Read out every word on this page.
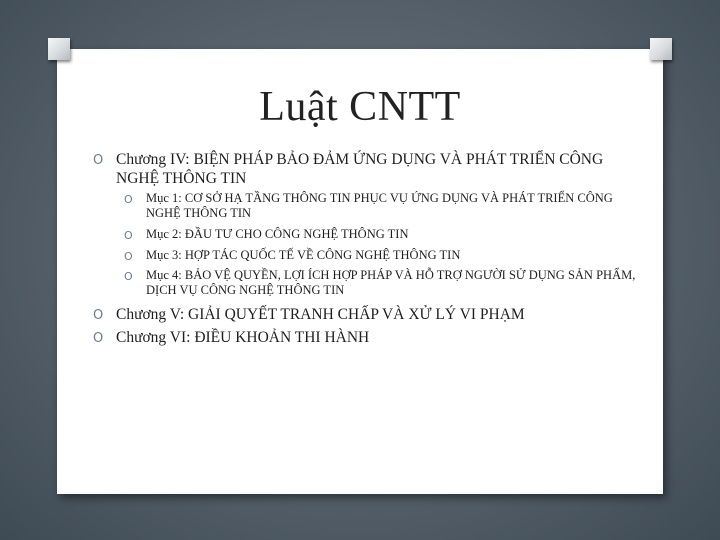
Luật CNTT
O Chương IV: BIỆN PHÁP BẢO ĐẢM ỨNG DỤNG VÀ PHÁT TRIỂN CÔNG NGHỆ THÔNG TIN
O Mục 1: CƠ SỞ HẠ TẦNG THÔNG TIN PHỤC VỤ ỨNG DỤNG VÀ PHÁT TRIỂN CÔNG NGHỆ THÔNG TIN
O Mục 2: ĐẦU TƯ CHO CÔNG NGHỆ THÔNG TIN
O Mục 3: HỢP TÁC QUỐC TẾ VỀ CÔNG NGHỆ THÔNG TIN
O Mục 4: BẢO VỆ QUYỀN, LỢI ÍCH HỢP PHÁP VÀ HỖ TRỢ NGƯỜI SỬ DỤNG SẢN PHẨM, DỊCH VỤ CÔNG NGHỆ THÔNG TIN
O Chương V: GIẢI QUYẾT TRANH CHẤP VÀ XỬ LÝ VI PHẠM
O Chương VI: ĐIỀU KHOẢN THI HÀNH
